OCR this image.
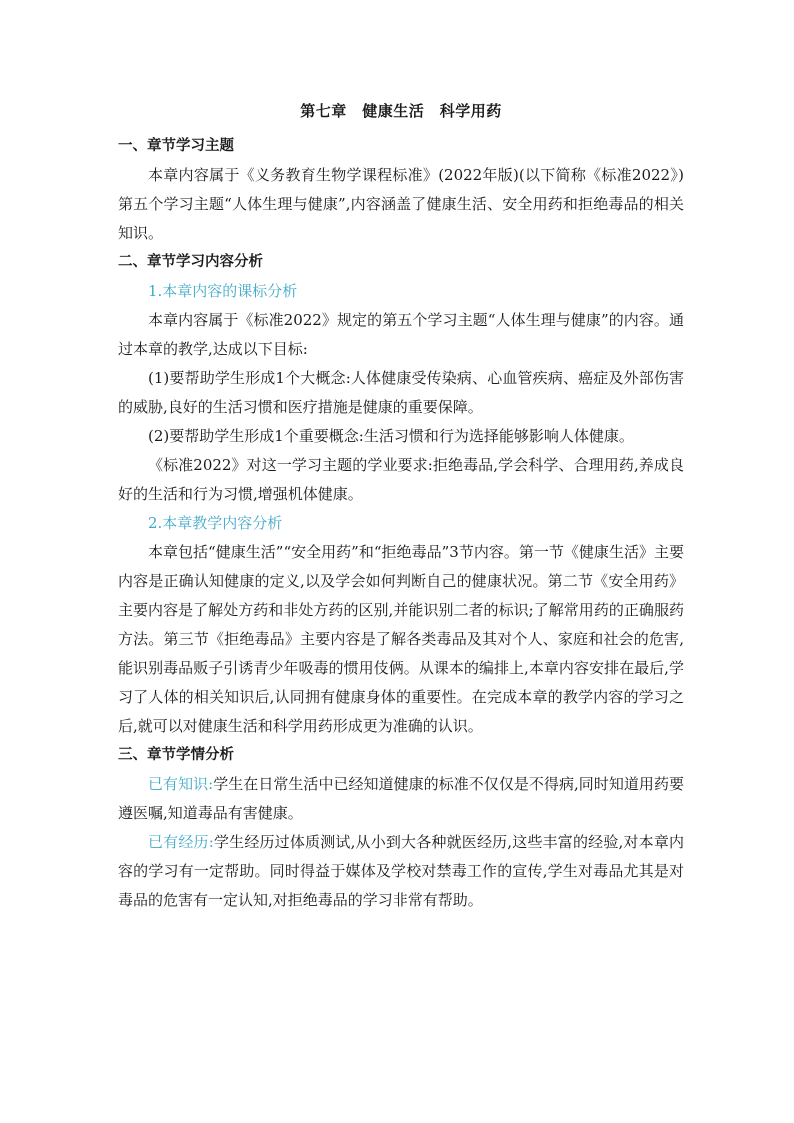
第七章　健康生活　科学用药
一、章节学习主题
本章内容属于《义务教育生物学课程标准》(2022年版)(以下简称《标准2022》)第五个学习主题“人体生理与健康”,内容涵盖了健康生活、安全用药和拒绝毒品的相关知识。
二、章节学习内容分析
1.本章内容的课标分析
本章内容属于《标准2022》规定的第五个学习主题“人体生理与健康”的内容。通过本章的教学,达成以下目标:
(1)要帮助学生形成1个大概念:人体健康受传染病、心血管疾病、癌症及外部伤害的威胁,良好的生活习惯和医疗措施是健康的重要保障。
(2)要帮助学生形成1个重要概念:生活习惯和行为选择能够影响人体健康。
《标准2022》对这一学习主题的学业要求:拒绝毒品,学会科学、合理用药,养成良好的生活和行为习惯,增强机体健康。
2.本章教学内容分析
本章包括“健康生活”“安全用药”和“拒绝毒品”3节内容。第一节《健康生活》主要内容是正确认知健康的定义,以及学会如何判断自己的健康状况。第二节《安全用药》主要内容是了解处方药和非处方药的区别,并能识别二者的标识;了解常用药的正确服药方法。第三节《拒绝毒品》主要内容是了解各类毒品及其对个人、家庭和社会的危害,能识别毒品贩子引诱青少年吸毒的惯用伎俩。从课本的编排上,本章内容安排在最后,学习了人体的相关知识后,认同拥有健康身体的重要性。在完成本章的教学内容的学习之后,就可以对健康生活和科学用药形成更为准确的认识。
三、章节学情分析
已有知识:学生在日常生活中已经知道健康的标准不仅仅是不得病,同时知道用药要遵医嘱,知道毒品有害健康。
已有经历:学生经历过体质测试,从小到大各种就医经历,这些丰富的经验,对本章内容的学习有一定帮助。同时得益于媒体及学校对禁毒工作的宣传,学生对毒品尤其是对毒品的危害有一定认知,对拒绝毒品的学习非常有帮助。
